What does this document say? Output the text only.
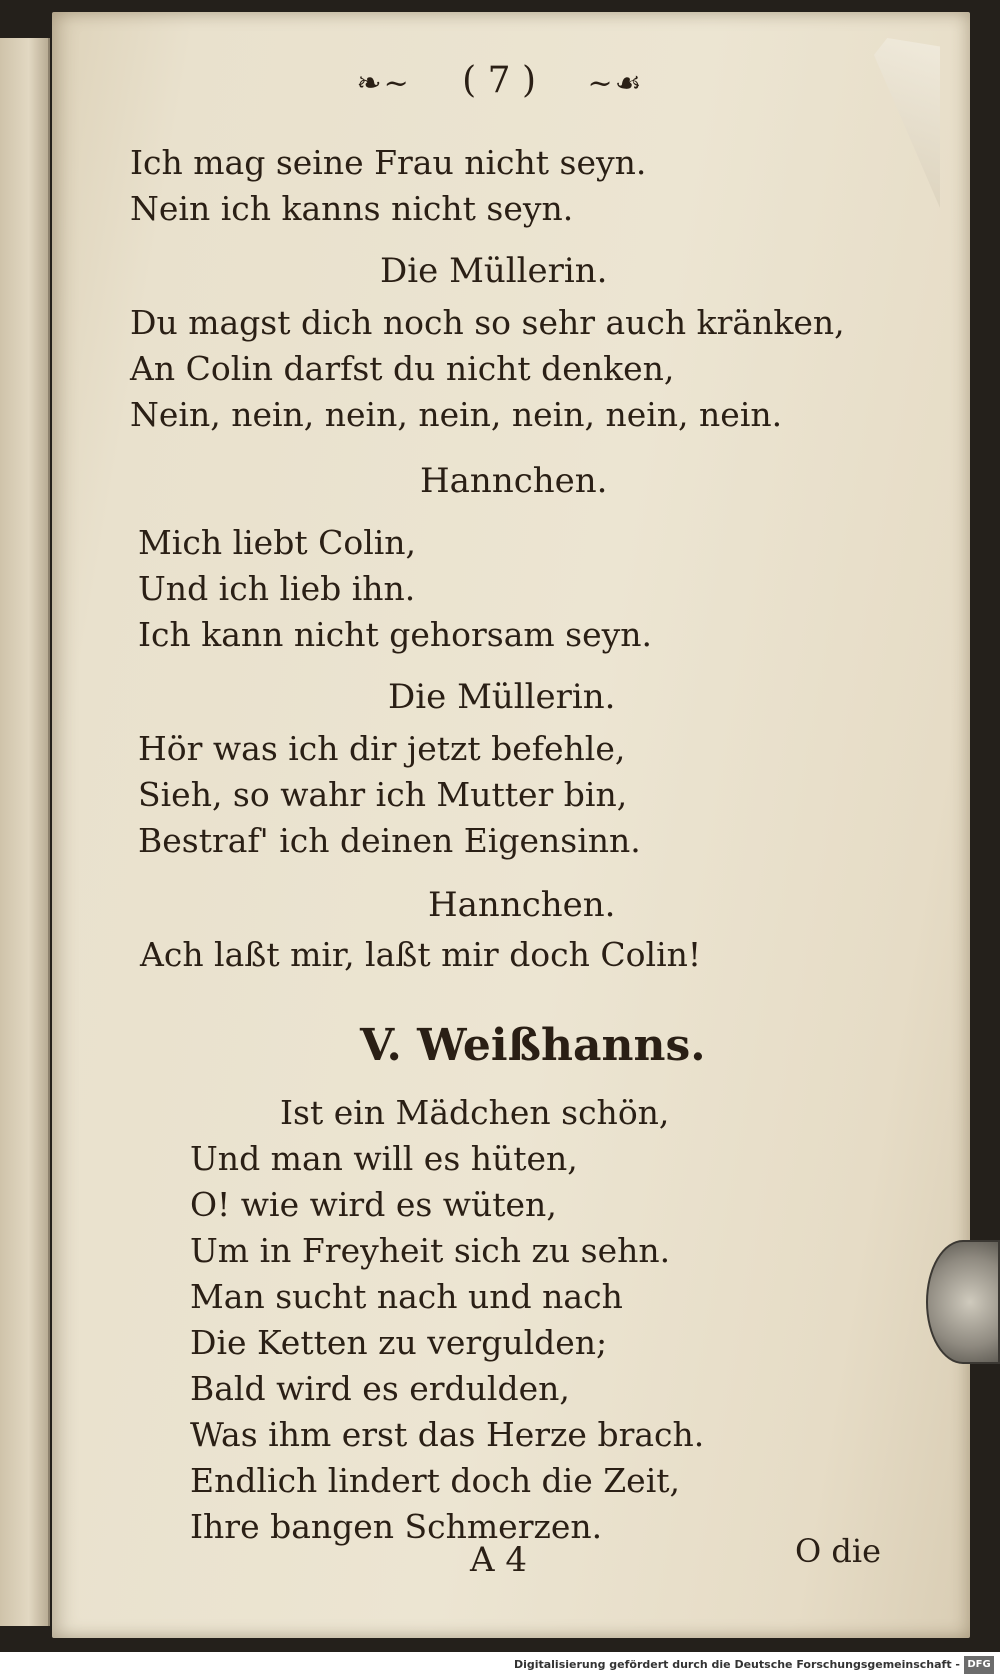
❧~ ( 7 ) ~☙
Ich mag seine Frau nicht seyn.
Nein ich kanns nicht seyn.
Die Müllerin.
Du magst dich noch so sehr auch kränken,
An Colin darfst du nicht denken,
Nein, nein, nein, nein, nein, nein, nein.
Hannchen.
Mich liebt Colin,
Und ich lieb ihn.
Ich kann nicht gehorsam seyn.
Die Müllerin.
Hör was ich dir jetzt befehle,
Sieh, so wahr ich Mutter bin,
Bestraf' ich deinen Eigensinn.
Hannchen.
Ach laßt mir, laßt mir doch Colin!
V. Weißhanns.
Ist ein Mädchen schön,
Und man will es hüten,
O! wie wird es wüten,
Um in Freyheit sich zu sehn.
Man sucht nach und nach
Die Ketten zu vergulden;
Bald wird es erdulden,
Was ihm erst das Herze brach.
Endlich lindert doch die Zeit,
Ihre bangen Schmerzen.
A 4	O die
Digitalisierung gefördert durch die Deutsche Forschungsgemeinschaft - DFG
